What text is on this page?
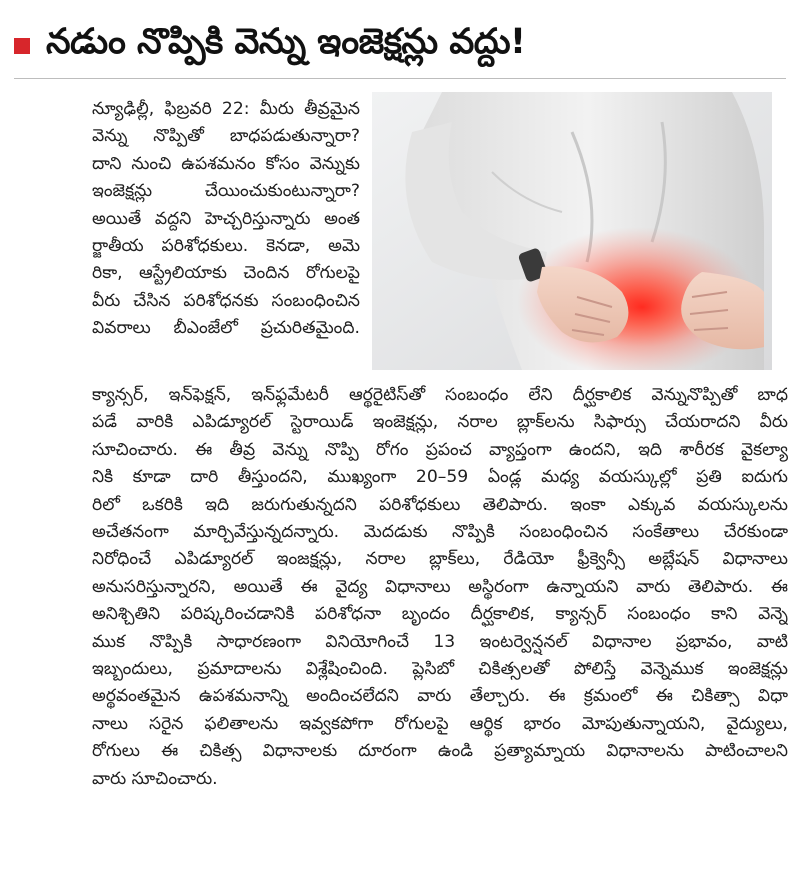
నడుం నొప్పికి వెన్ను ఇంజెక్షన్లు వద్దు!
న్యూఢిల్లీ, ఫిబ్రవరి 22: మీరు తీవ్రమైన
వెన్ను నొప్పితో బాధపడుతున్నారా?
దాని నుంచి ఉపశమనం కోసం వెన్నుకు
ఇంజెక్షన్లు చేయించుకుంటున్నారా?
అయితే వద్దని హెచ్చరిస్తున్నారు అంత
ర్జాతీయ పరిశోధకులు. కెనడా, అమె
రికా, ఆస్ట్రేలియాకు చెందిన రోగులపై
వీరు చేసిన పరిశోధనకు సంబంధించిన
వివరాలు బీఎంజేలో ప్రచురితమైంది.
క్యాన్సర్, ఇన్‌ఫెక్షన్, ఇన్‌ఫ్లమేటరీ ఆర్థరైటిస్‌తో సంబంధం లేని దీర్ఘకాలిక వెన్నునొప్పితో బాధ
పడే వారికి ఎపిడ్యూరల్ స్టెరాయిడ్ ఇంజెక్షన్లు, నరాల బ్లాక్‌లను సిఫార్సు చేయరాదని వీరు
సూచించారు. ఈ తీవ్ర వెన్ను నొప్పి రోగం ప్రపంచ వ్యాప్తంగా ఉందని, ఇది శారీరక వైకల్యా
నికి కూడా దారి తీస్తుందని, ముఖ్యంగా 20–59 ఏండ్ల మధ్య వయస్కుల్లో ప్రతి ఐదుగు
రిలో ఒకరికి ఇది జరుగుతున్నదని పరిశోధకులు తెలిపారు. ఇంకా ఎక్కువ వయస్కులను
అచేతనంగా మార్చివేస్తున్నదన్నారు. మెదడుకు నొప్పికి సంబంధించిన సంకేతాలు చేరకుండా
నిరోధించే ఎపిడ్యూరల్ ఇంజక్షన్లు, నరాల బ్లాక్‌లు, రేడియో ఫ్రీక్వెన్సీ అబ్లేషన్ విధానాలు
అనుసరిస్తున్నారని, అయితే ఈ వైద్య విధానాలు అస్థిరంగా ఉన్నాయని వారు తెలిపారు. ఈ
అనిశ్చితిని పరిష్కరించడానికి పరిశోధనా బృందం దీర్ఘకాలిక, క్యాన్సర్ సంబంధం కాని వెన్నె
ముక నొప్పికి సాధారణంగా వినియోగించే 13 ఇంటర్వెన్షనల్ విధానాల ప్రభావం, వాటి
ఇబ్బందులు, ప్రమాదాలను విశ్లేషించింది. ప్లెసిబో చికిత్సలతో పోలిస్తే వెన్నెముక ఇంజెక్షన్లు
అర్థవంతమైన ఉపశమనాన్ని అందించలేదని వారు తేల్చారు. ఈ క్రమంలో ఈ చికిత్సా విధా
నాలు సరైన ఫలితాలను ఇవ్వకపోగా రోగులపై ఆర్థిక భారం మోపుతున్నాయని, వైద్యులు,
రోగులు ఈ చికిత్స విధానాలకు దూరంగా ఉండి ప్రత్యామ్నాయ విధానాలను పాటించాలని
వారు సూచించారు.
